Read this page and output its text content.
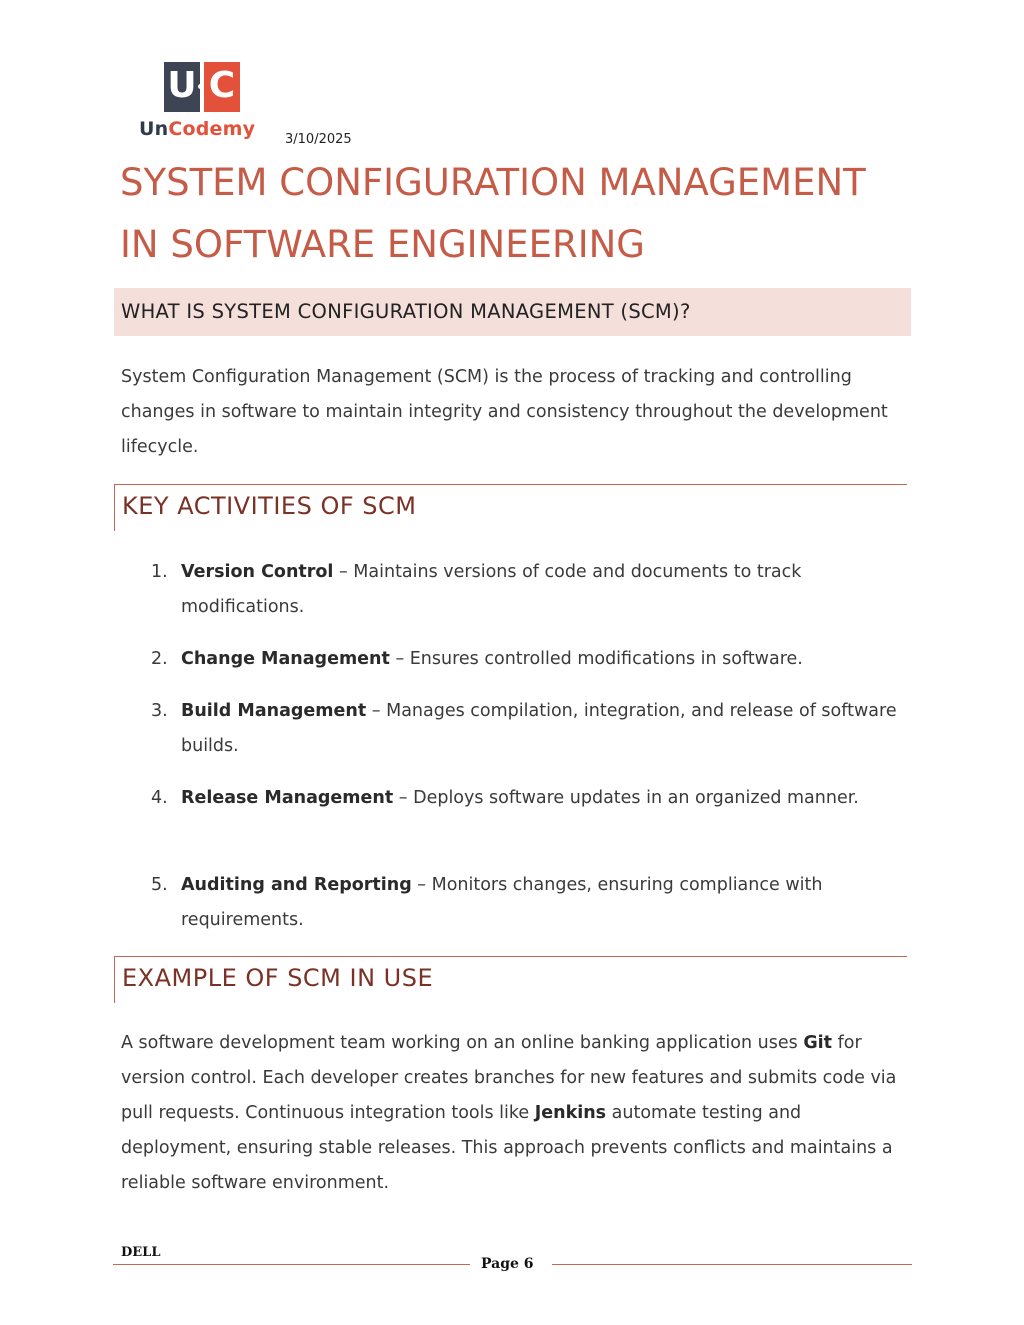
U C
UnCodemy 3/10/2025
SYSTEM CONFIGURATION MANAGEMENT
IN SOFTWARE ENGINEERING
WHAT IS SYSTEM CONFIGURATION MANAGEMENT (SCM)?

System Configuration Management (SCM) is the process of tracking and controlling changes in software to maintain integrity and consistency throughout the development lifecycle.

KEY ACTIVITIES OF SCM
1. Version Control – Maintains versions of code and documents to track modifications.
2. Change Management – Ensures controlled modifications in software.
3. Build Management – Manages compilation, integration, and release of software builds.
4. Release Management – Deploys software updates in an organized manner.
5. Auditing and Reporting – Monitors changes, ensuring compliance with requirements.
EXAMPLE OF SCM IN USE

A software development team working on an online banking application uses Git for version control. Each developer creates branches for new features and submits code via pull requests. Continuous integration tools like Jenkins automate testing and deployment, ensuring stable releases. This approach prevents conflicts and maintains a reliable software environment.

DELL
Page 6
